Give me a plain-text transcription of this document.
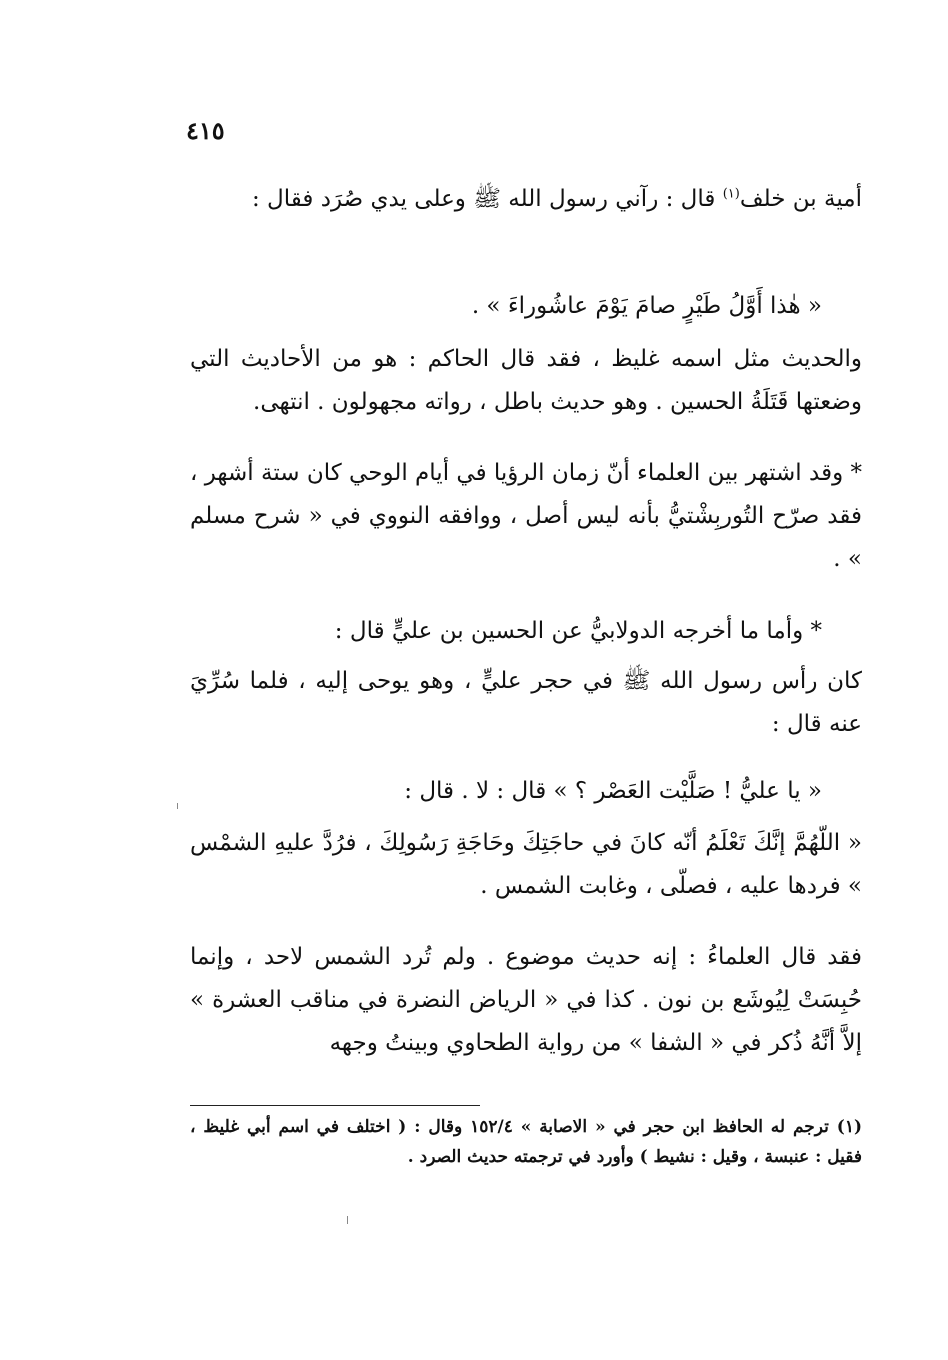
٤١٥

أمية بن خلف$^{(١)}$ قال : رآني رسول الله ﷺ وعلى يدي صُرَد فقال :

« هٰذا أَوَّلُ طَيْرٍ صامَ يَوْمَ عاشُوراءَ » .

والحديث مثل اسمه غليظ ، فقد قال الحاكم : هو من الأحاديث التي وضعتها قَتَلَةُ الحسين . وهو حديث باطل ، رواته مجهولون . انتهى.

* وقد اشتهر بين العلماء أنّ زمان الرؤيا في أيام الوحي كان ستة أشهر ، فقد صرّح التُوربِشْتيُّ بأنه ليس أصل ، ووافقه النووي في « شرح مسلم » .

* وأما ما أخرجه الدولابيُّ عن الحسين بن عليٍّ قال :

كان رأس رسول الله ﷺ في حجر عليٍّ ، وهو يوحى إليه ، فلما سُرِّيَ عنه قال :

« يا عليُّ ! صَلَّيْت العَصْر ؟ » قال : لا . قال :

« اللّهُمَّ إنَّكَ تَعْلَمُ أنّه كانَ في حاجَتِكَ وحَاجَةِ رَسُولِكَ ، فرُدَّ عليهِ الشمْس » فردها عليه ، فصلّى ، وغابت الشمس .

فقد قال العلماءُ : إنه حديث موضوع . ولم تُرد الشمس لاحد ، وإنما حُبِسَتْ لِيُوشَع بن نون . كذا في « الرياض النضرة في مناقب العشرة » إلاَّ أنَّهُ ذُكر في « الشفا » من رواية الطحاوي وبينتُ وجهه

(١) ترجم له الحافظ ابن حجر في « الاصابة » ١٥٢/٤ وقال : ( اختلف في اسم أبي غليظ ، فقيل : عنبسة ، وقيل : نشيط ) وأورد في ترجمته حديث الصرد .
